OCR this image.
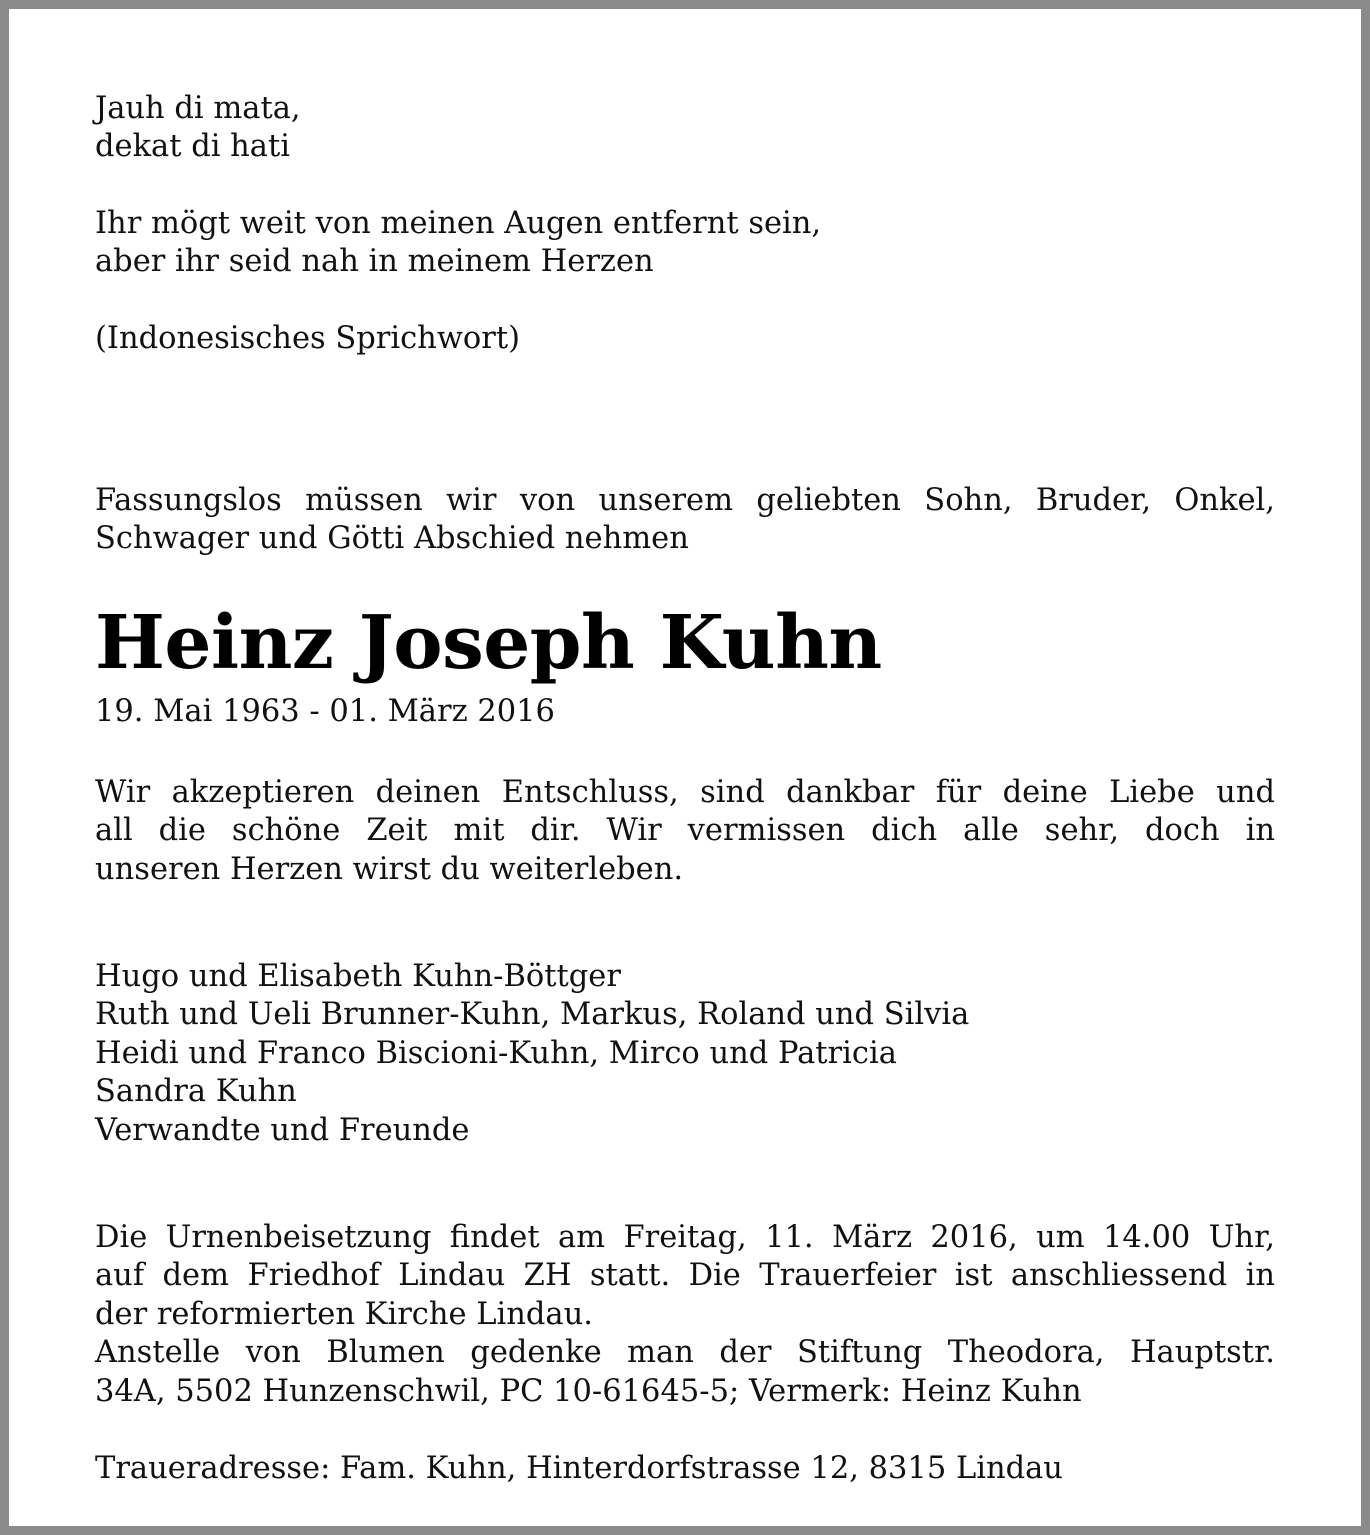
Jauh di mata,
dekat di hati
Ihr mögt weit von meinen Augen entfernt sein,
aber ihr seid nah in meinem Herzen
(Indonesisches Sprichwort)
Fassungslos müssen wir von unserem geliebten Sohn, Bruder, Onkel,
Schwager und Götti Abschied nehmen
Heinz Joseph Kuhn
19. Mai 1963 - 01. März 2016
Wir akzeptieren deinen Entschluss, sind dankbar für deine Liebe und
all die schöne Zeit mit dir. Wir vermissen dich alle sehr, doch in
unseren Herzen wirst du weiterleben.
Hugo und Elisabeth Kuhn-Böttger
Ruth und Ueli Brunner-Kuhn, Markus, Roland und Silvia
Heidi und Franco Biscioni-Kuhn, Mirco und Patricia
Sandra Kuhn
Verwandte und Freunde
Die Urnenbeisetzung findet am Freitag, 11. März 2016, um 14.00 Uhr,
auf dem Friedhof Lindau ZH statt. Die Trauerfeier ist anschliessend in
der reformierten Kirche Lindau.
Anstelle von Blumen gedenke man der Stiftung Theodora, Hauptstr.
34A, 5502 Hunzenschwil, PC 10-61645-5; Vermerk: Heinz Kuhn
Traueradresse: Fam. Kuhn, Hinterdorfstrasse 12, 8315 Lindau
